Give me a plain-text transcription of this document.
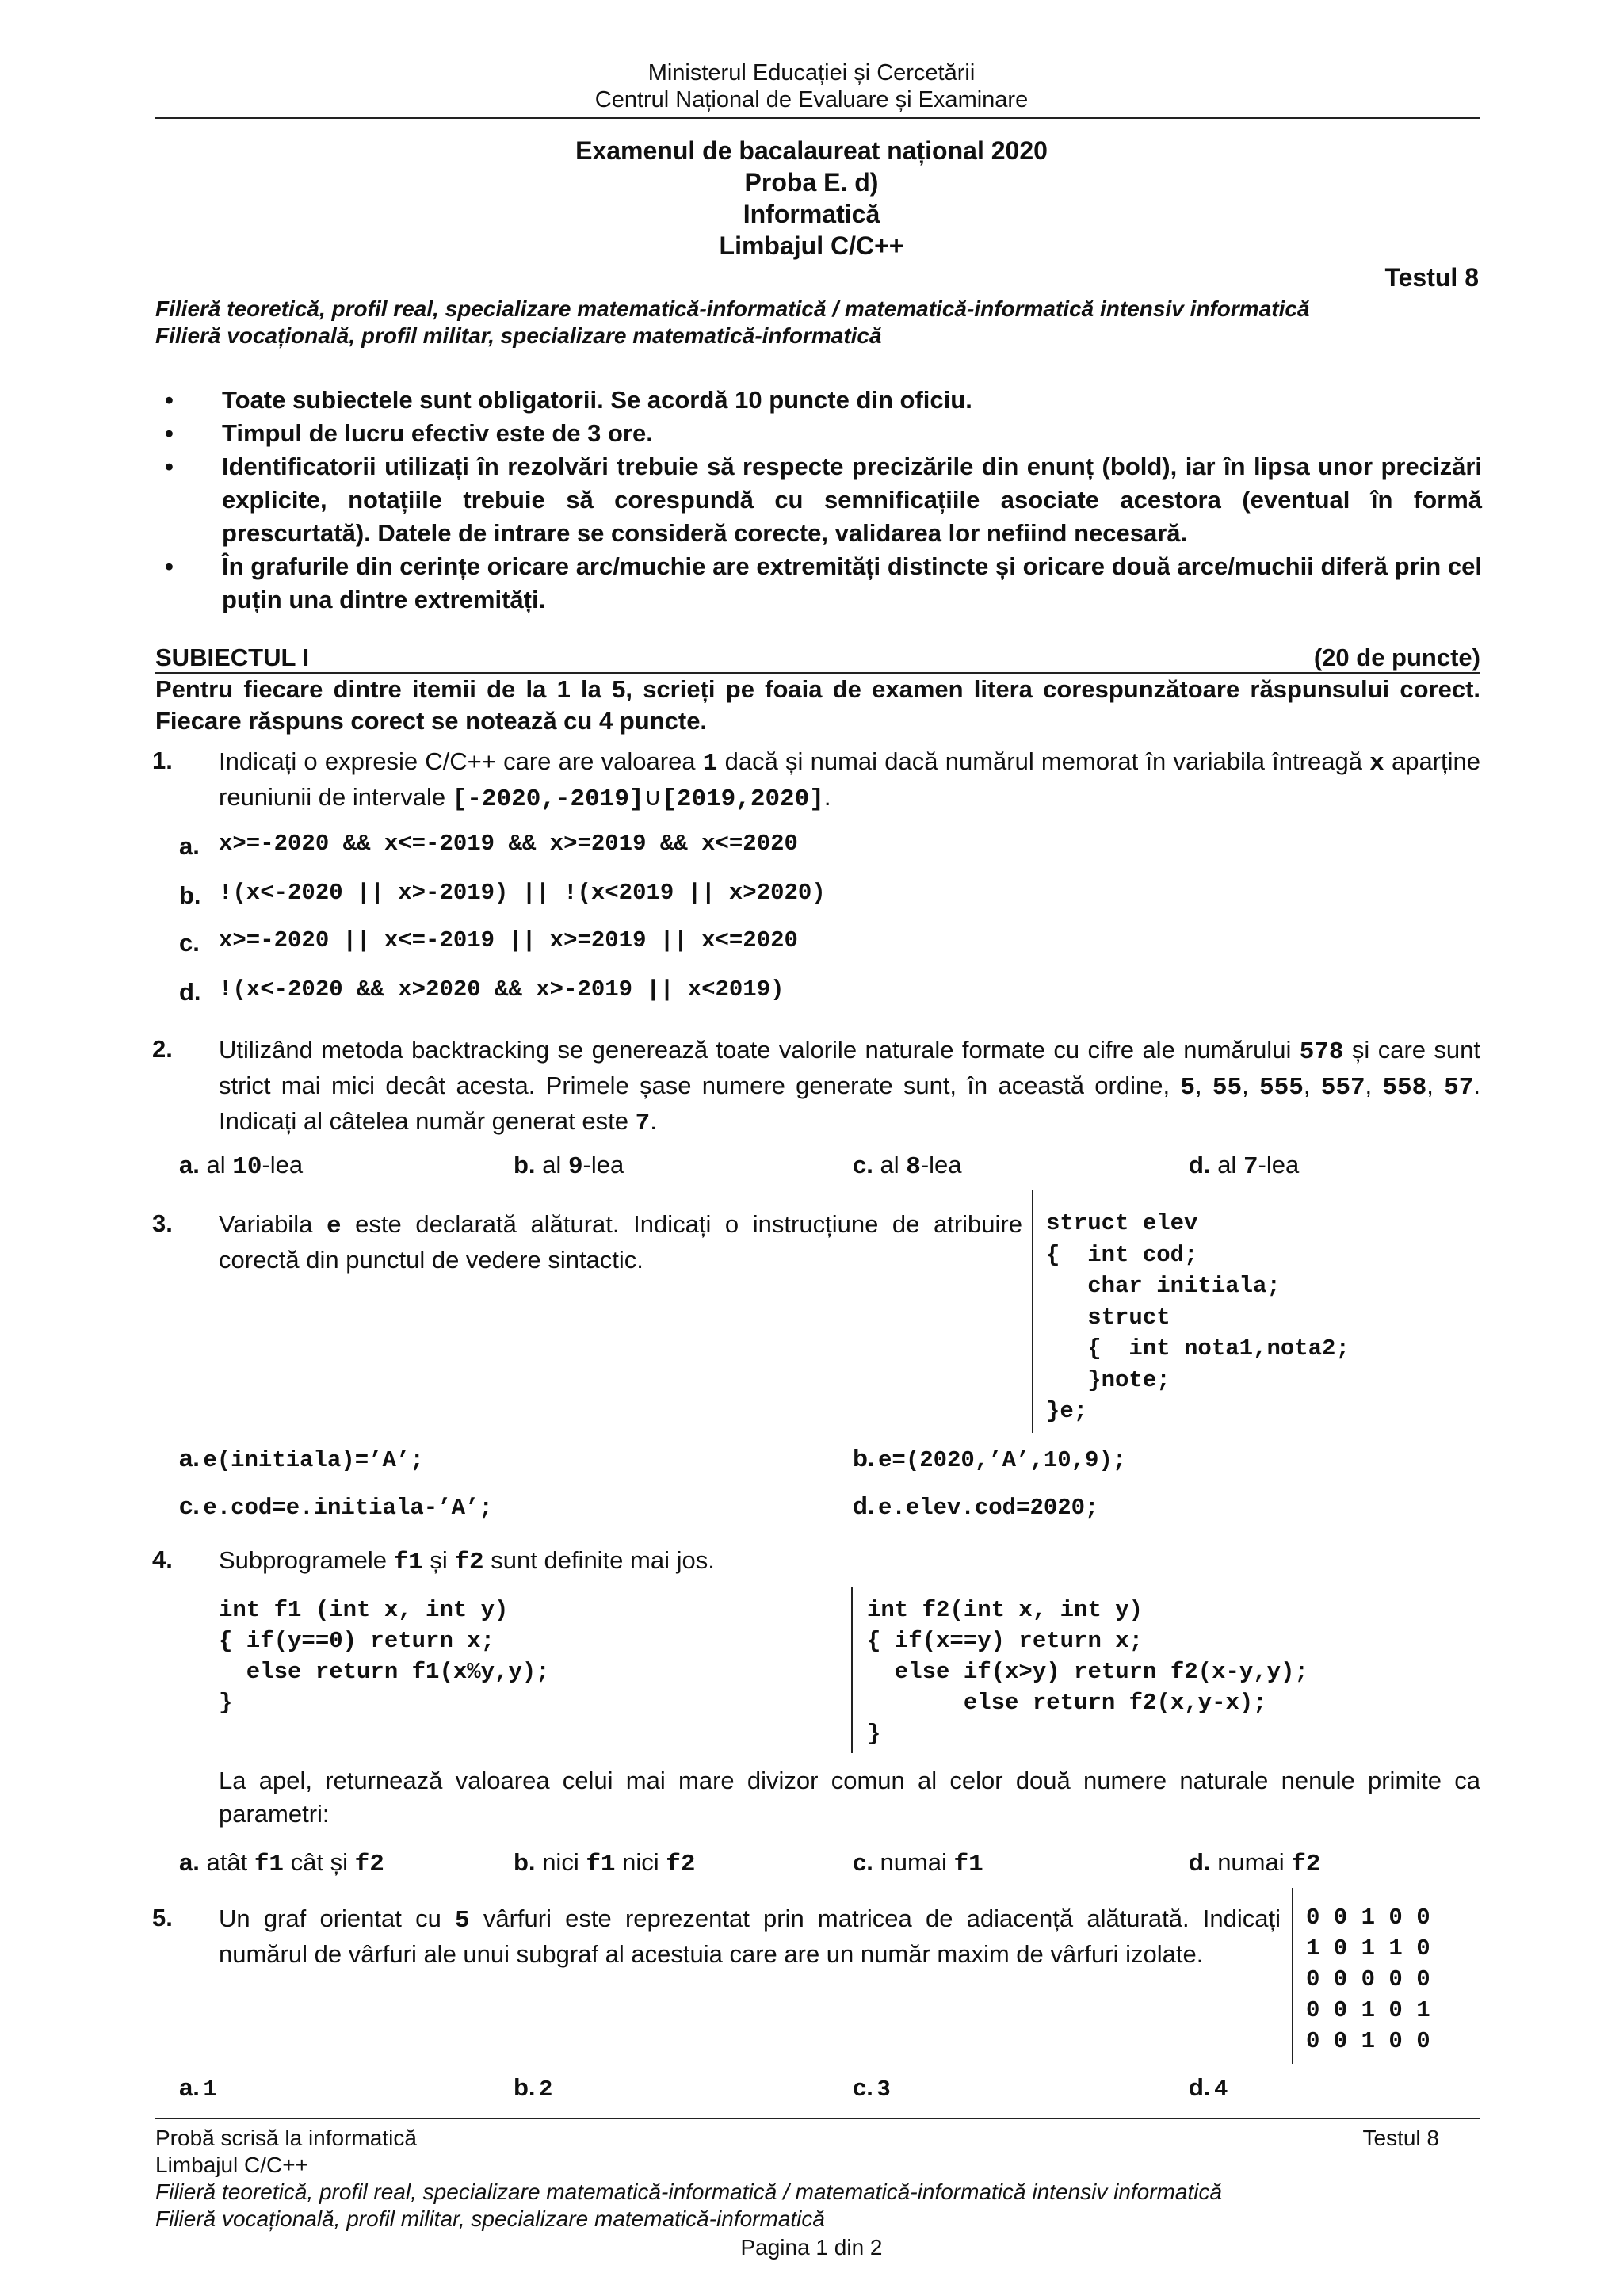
Ministerul Educației și Cercetării
Centrul Național de Evaluare și Examinare
Examenul de bacalaureat național 2020
Proba E. d)
Informatică
Limbajul C/C++
Testul 8
Filieră teoretică, profil real, specializare matematică-informatică / matematică-informatică intensiv informatică
Filieră vocațională, profil militar, specializare matematică-informatică
•	Toate subiectele sunt obligatorii. Se acordă 10 puncte din oficiu.
•	Timpul de lucru efectiv este de 3 ore.
•	Identificatorii utilizați în rezolvări trebuie să respecte precizările din enunț (bold), iar în lipsa unor precizări explicite, notațiile trebuie să corespundă cu semnificațiile asociate acestora (eventual în formă prescurtată). Datele de intrare se consideră corecte, validarea lor nefiind necesară.
•	În grafurile din cerințe oricare arc/muchie are extremități distincte și oricare două arce/muchii diferă prin cel puțin una dintre extremități.
SUBIECTUL I	(20 de puncte)
Pentru fiecare dintre itemii de la 1 la 5, scrieți pe foaia de examen litera corespunzătoare răspunsului corect. Fiecare răspuns corect se notează cu 4 puncte.
1. Indicați o expresie C/C++ care are valoarea 1 dacă și numai dacă numărul memorat în variabila întreagă x aparține reuniunii de intervale [-2020,-2019]∪[2019,2020].
a. x>=-2020 && x<=-2019 && x>=2019 && x<=2020
b. !(x<-2020 || x>-2019) || !(x<2019 || x>2020)
c. x>=-2020 || x<=-2019 || x>=2019 || x<=2020
d. !(x<-2020 && x>2020 && x>-2019 || x<2019)
2. Utilizând metoda backtracking se generează toate valorile naturale formate cu cifre ale numărului 578 și care sunt strict mai mici decât acesta. Primele șase numere generate sunt, în această ordine, 5, 55, 555, 557, 558, 57. Indicați al câtelea număr generat este 7.
a. al 10-lea	b. al 9-lea	c. al 8-lea	d. al 7-lea
3. Variabila e este declarată alăturat. Indicați o instrucțiune de atribuire corectă din punctul de vedere sintactic.
struct elev
{  int cod;
char initiala;
struct
{  int nota1,nota2;
}note;
}e;
a. e(initiala)=’A’;	b. e=(2020,’A’,10,9);
c. e.cod=e.initiala-’A’;	d. e.elev.cod=2020;
4. Subprogramele f1 și f2 sunt definite mai jos.
int f1 (int x, int y)
{ if(y==0) return x;
else return f1(x%y,y);
}
int f2(int x, int y)
{ if(x==y) return x;
else if(x>y) return f2(x-y,y);
else return f2(x,y-x);
}
La apel, returnează valoarea celui mai mare divizor comun al celor două numere naturale nenule primite ca parametri:
a. atât f1 cât și f2	b. nici f1 nici f2	c. numai f1	d. numai f2
5. Un graf orientat cu 5 vârfuri este reprezentat prin matricea de adiacență alăturată. Indicați numărul de vârfuri ale unui subgraf al acestuia care are un număr maxim de vârfuri izolate.
0 0 1 0 0
1 0 1 1 0
0 0 0 0 0
0 0 1 0 1
0 0 1 0 0
a. 1	b. 2	c. 3	d. 4
Probă scrisă la informatică	Testul 8
Limbajul C/C++
Filieră teoretică, profil real, specializare matematică-informatică / matematică-informatică intensiv informatică
Filieră vocațională, profil militar, specializare matematică-informatică
Pagina 1 din 2
